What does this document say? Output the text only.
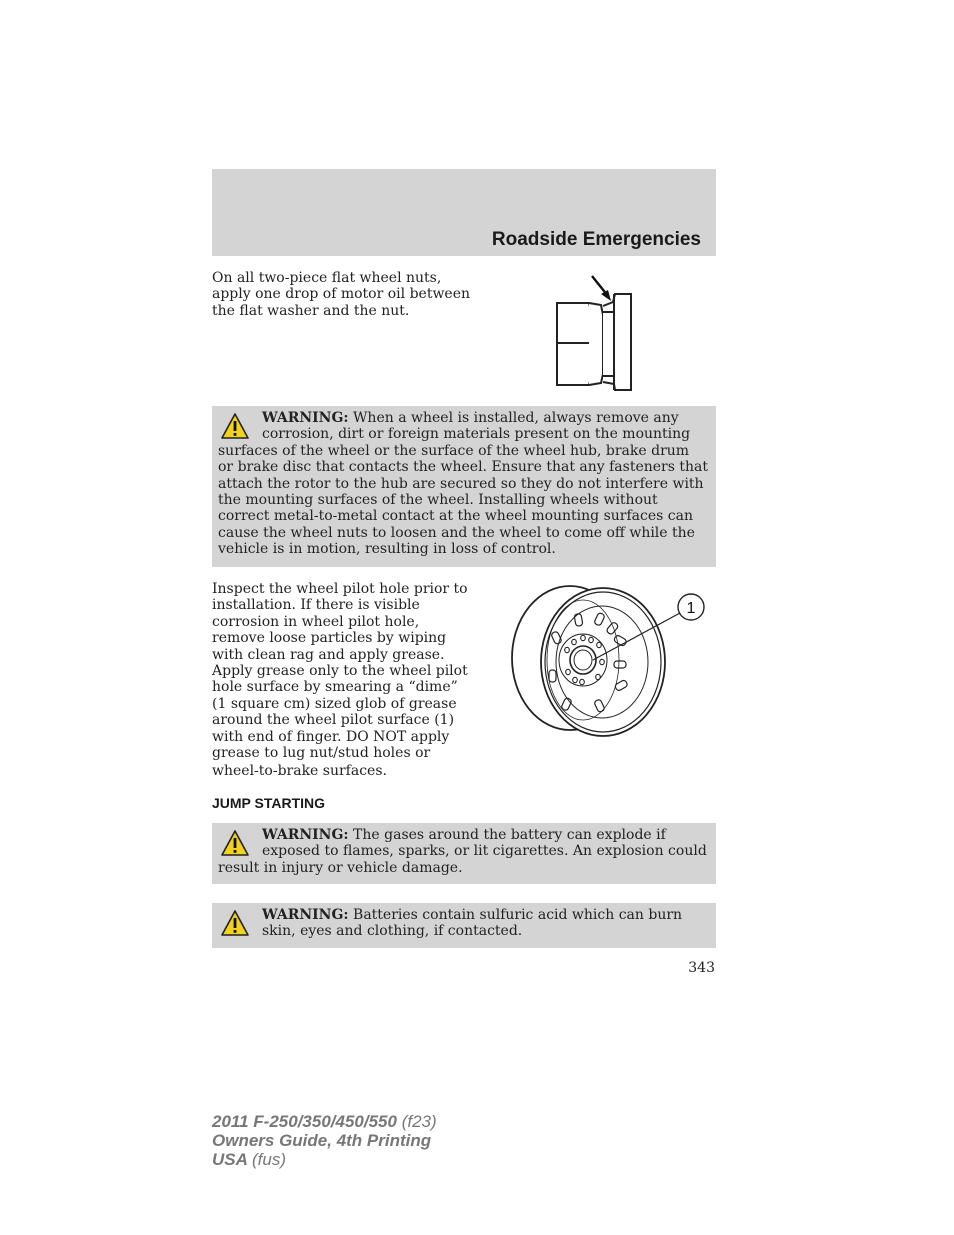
Roadside Emergencies
On all two-piece flat wheel nuts,
apply one drop of motor oil between
the flat washer and the nut.
WARNING: When a wheel is installed, always remove any corrosion, dirt or foreign materials present on the mounting surfaces of the wheel or the surface of the wheel hub, brake drum or brake disc that contacts the wheel. Ensure that any fasteners that attach the rotor to the hub are secured so they do not interfere with the mounting surfaces of the wheel. Installing wheels without correct metal-to-metal contact at the wheel mounting surfaces can cause the wheel nuts to loosen and the wheel to come off while the vehicle is in motion, resulting in loss of control.
Inspect the wheel pilot hole prior to
installation. If there is visible
corrosion in wheel pilot hole,
remove loose particles by wiping
with clean rag and apply grease.
Apply grease only to the wheel pilot
hole surface by smearing a “dime”
(1 square cm) sized glob of grease
around the wheel pilot surface (1)
with end of finger. DO NOT apply
grease to lug nut/stud holes or
wheel-to-brake surfaces.
1
JUMP STARTING
WARNING: The gases around the battery can explode if exposed to flames, sparks, or lit cigarettes. An explosion could result in injury or vehicle damage.
WARNING: Batteries contain sulfuric acid which can burn skin, eyes and clothing, if contacted.
343
2011 F-250/350/450/550 (f23)
Owners Guide, 4th Printing
USA (fus)
